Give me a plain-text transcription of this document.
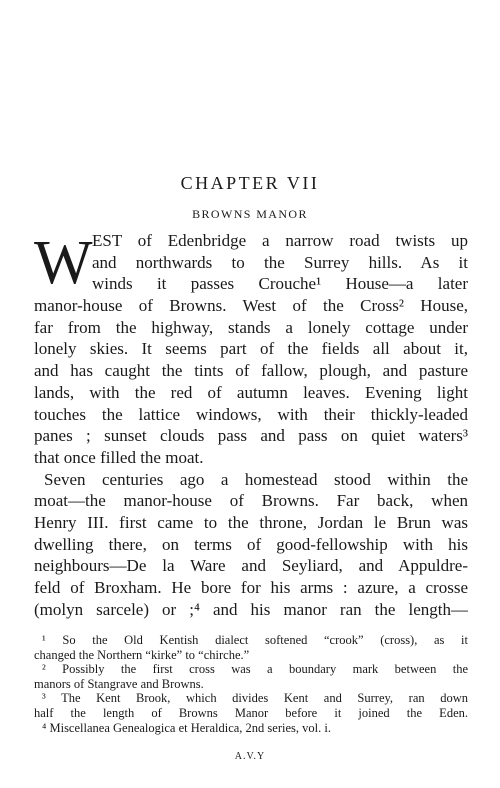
CHAPTER VII
BROWNS MANOR
W EST of Edenbridge a narrow road twists up
and northwards to the Surrey hills. As it
winds it passes Crouche¹ House—a later
manor-house of Browns. West of the Cross² House,
far from the highway, stands a lonely cottage under
lonely skies. It seems part of the fields all about it,
and has caught the tints of fallow, plough, and pasture
lands, with the red of autumn leaves. Evening light
touches the lattice windows, with their thickly-leaded
panes ; sunset clouds pass and pass on quiet waters³
that once filled the moat.
Seven centuries ago a homestead stood within the
moat—the manor-house of Browns. Far back, when
Henry III. first came to the throne, Jordan le Brun was
dwelling there, on terms of good-fellowship with his
neighbours—De la Ware and Seyliard, and Appuldre-
feld of Broxham. He bore for his arms : azure, a crosse
(molyn sarcele) or ;⁴ and his manor ran the length—
¹ So the Old Kentish dialect softened “crook” (cross), as it
changed the Northern “kirke” to “chirche.”
² Possibly the first cross was a boundary mark between the
manors of Stangrave and Browns.
³ The Kent Brook, which divides Kent and Surrey, ran down
half the length of Browns Manor before it joined the Eden.
⁴ Miscellanea Genealogica et Heraldica, 2nd series, vol. i.
A.V.Y
